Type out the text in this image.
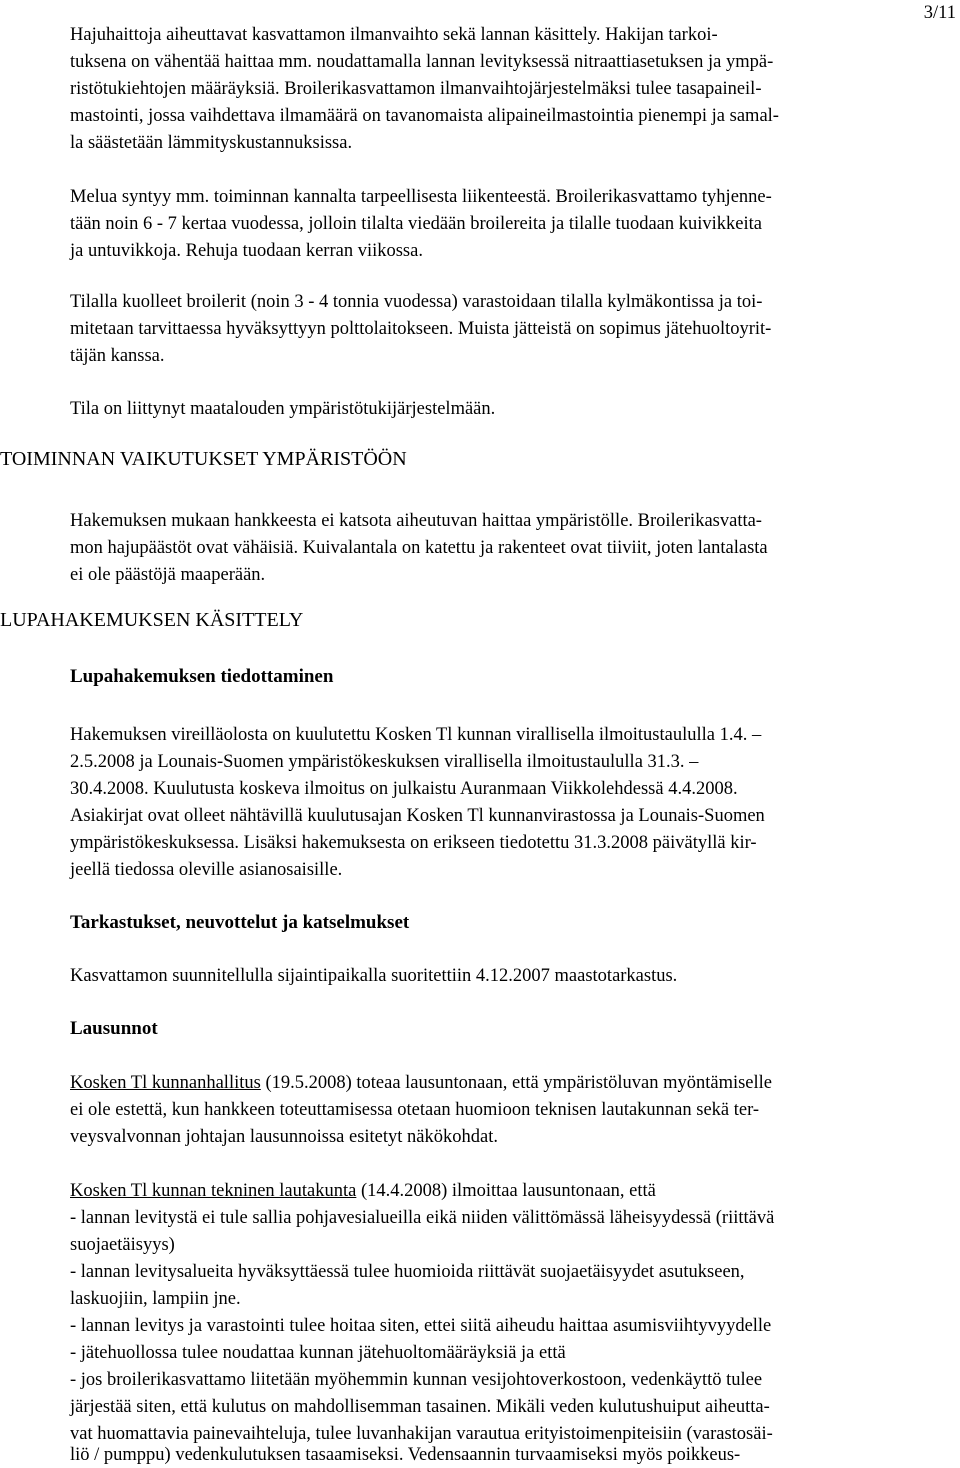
3/11
Hajuhaittoja aiheuttavat kasvattamon ilmanvaihto sekä lannan käsittely. Hakijan tarkoi-
tuksena on vähentää haittaa mm. noudattamalla lannan levityksessä nitraattiasetuksen ja ympä-
ristötukiehtojen määräyksiä. Broilerikasvattamon ilmanvaihtojärjestelmäksi tulee tasapaineil-
mastointi, jossa vaihdettava ilmamäärä on tavanomaista alipaineilmastointia pienempi ja samal-
la säästetään lämmityskustannuksissa.
Melua syntyy mm. toiminnan kannalta tarpeellisesta liikenteestä. Broilerikasvattamo tyhjenne-
tään noin 6 - 7 kertaa vuodessa, jolloin tilalta viedään broilereita ja tilalle tuodaan kuivikkeita
ja untuvikkoja. Rehuja tuodaan kerran viikossa.
Tilalla kuolleet broilerit (noin 3 - 4 tonnia vuodessa) varastoidaan tilalla kylmäkontissa ja toi-
mitetaan tarvittaessa hyväksyttyyn polttolaitokseen. Muista jätteistä on sopimus jätehuoltoyrit-
täjän kanssa.
Tila on liittynyt maatalouden ympäristötukijärjestelmään.
TOIMINNAN VAIKUTUKSET YMPÄRISTÖÖN
Hakemuksen mukaan hankkeesta ei katsota aiheutuvan haittaa ympäristölle. Broilerikasvatta-
mon hajupäästöt ovat vähäisiä. Kuivalantala on katettu ja rakenteet ovat tiiviit, joten lantalasta
ei ole päästöjä maaperään.
LUPAHAKEMUKSEN KÄSITTELY
Lupahakemuksen tiedottaminen
Hakemuksen vireilläolosta on kuulutettu Kosken Tl kunnan virallisella ilmoitustaululla 1.4. –
2.5.2008 ja Lounais-Suomen ympäristökeskuksen virallisella ilmoitustaululla 31.3. –
30.4.2008. Kuulutusta koskeva ilmoitus on julkaistu Auranmaan Viikkolehdessä 4.4.2008.
Asiakirjat ovat olleet nähtävillä kuulutusajan Kosken Tl kunnanvirastossa ja Lounais-Suomen
ympäristökeskuksessa. Lisäksi hakemuksesta on erikseen tiedotettu 31.3.2008 päivätyllä kir-
jeellä tiedossa oleville asianosaisille.
Tarkastukset, neuvottelut ja katselmukset
Kasvattamon suunnitellulla sijaintipaikalla suoritettiin 4.12.2007 maastotarkastus.
Lausunnot
Kosken Tl kunnanhallitus (19.5.2008) toteaa lausuntonaan, että ympäristöluvan myöntämiselle
ei ole estettä, kun hankkeen toteuttamisessa otetaan huomioon teknisen lautakunnan sekä ter-
veysvalvonnan johtajan lausunnoissa esitetyt näkökohdat.
Kosken Tl kunnan tekninen lautakunta (14.4.2008) ilmoittaa lausuntonaan, että
- lannan levitystä ei tule sallia pohjavesialueilla eikä niiden välittömässä läheisyydessä (riittävä
suojaetäisyys)
- lannan levitysalueita hyväksyttäessä tulee huomioida riittävät suojaetäisyydet asutukseen,
laskuojiin, lampiin jne.
- lannan levitys ja varastointi tulee hoitaa siten, ettei siitä aiheudu haittaa asumisviihtyvyydelle
- jätehuollossa tulee noudattaa kunnan jätehuoltomääräyksiä ja että
- jos broilerikasvattamo liitetään myöhemmin kunnan vesijohtoverkostoon, vedenkäyttö tulee
järjestää siten, että kulutus on mahdollisemman tasainen. Mikäli veden kulutushuiput aiheutta-
vat huomattavia painevaihteluja, tulee luvanhakijan varautua erityistoimenpiteisiin (varastosäi-
liö / pumppu) vedenkulutuksen tasaamiseksi. Vedensaannin turvaamiseksi myös poikkeus-
